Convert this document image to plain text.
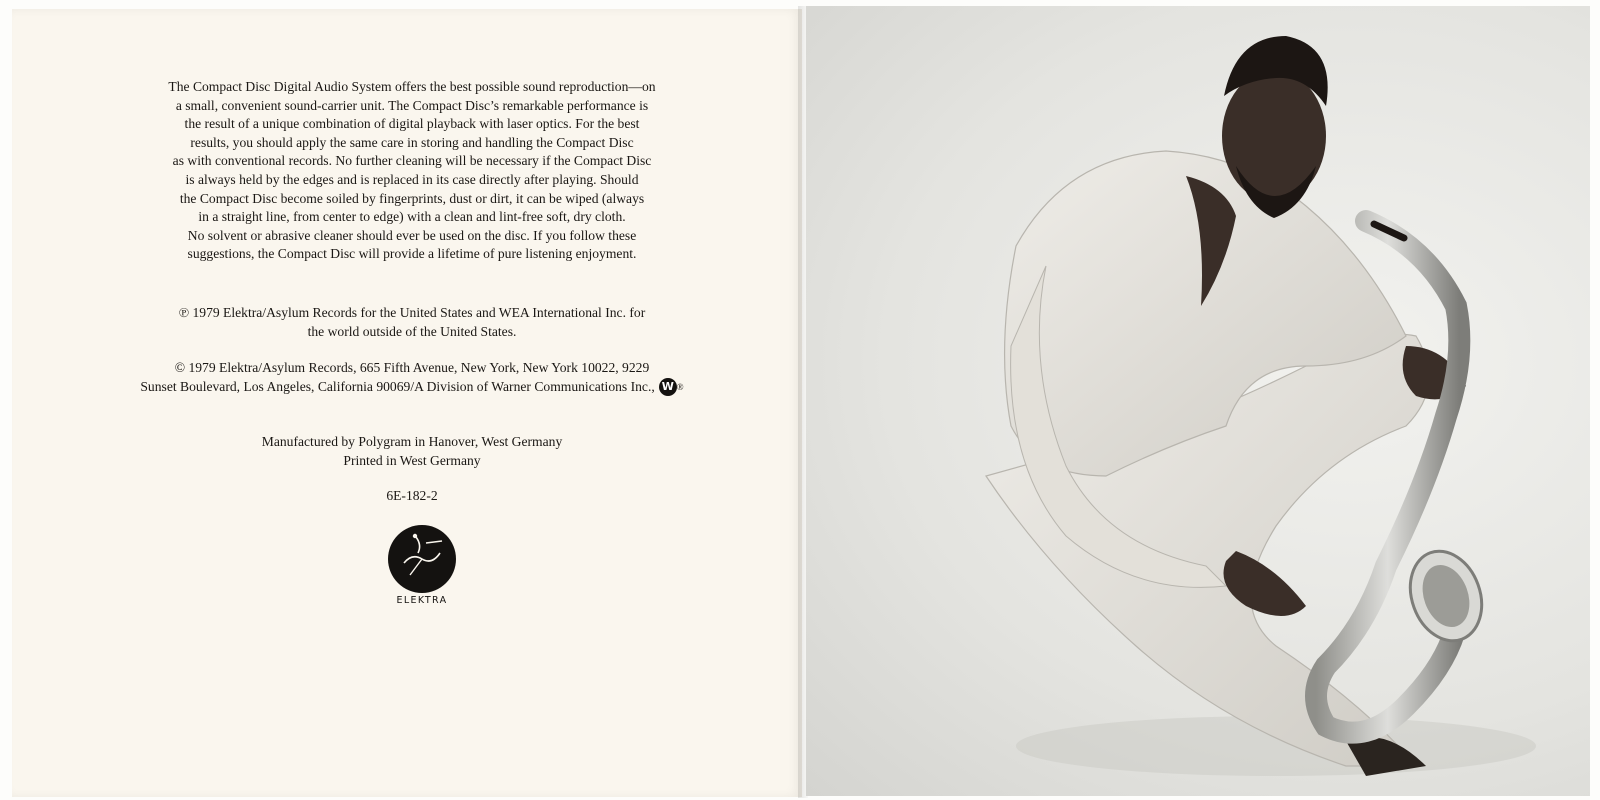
The Compact Disc Digital Audio System offers the best possible sound reproduction—on
a small, convenient sound-carrier unit. The Compact Disc’s remarkable performance is
the result of a unique combination of digital playback with laser optics. For the best
results, you should apply the same care in storing and handling the Compact Disc
as with conventional records. No further cleaning will be necessary if the Compact Disc
is always held by the edges and is replaced in its case directly after playing. Should
the Compact Disc become soiled by fingerprints, dust or dirt, it can be wiped (always
in a straight line, from center to edge) with a clean and lint-free soft, dry cloth.
No solvent or abrasive cleaner should ever be used on the disc. If you follow these
suggestions, the Compact Disc will provide a lifetime of pure listening enjoyment.
℗ 1979 Elektra/Asylum Records for the United States and WEA International Inc. for
the world outside of the United States.
© 1979 Elektra/Asylum Records, 665 Fifth Avenue, New York, New York 10022, 9229
Sunset Boulevard, Los Angeles, California 90069/A Division of Warner Communications Inc., W ®
Manufactured by Polygram in Hanover, West Germany
Printed in West Germany
6E-182-2
ELEKTRA
